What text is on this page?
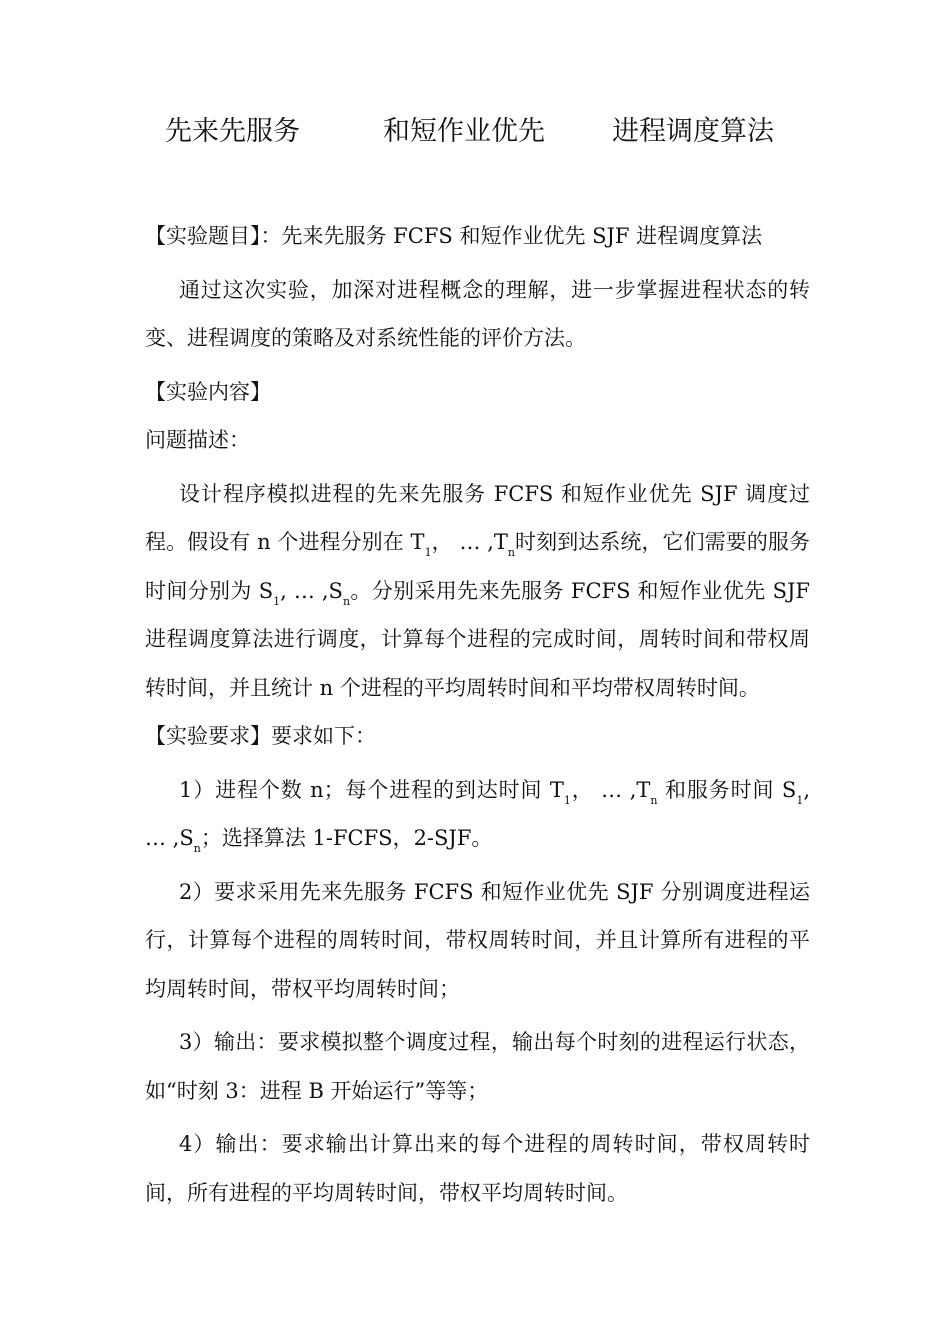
先来先服务	和短作业优先 进程调度算法

【实验题目】：先来先服务 FCFS 和短作业优先 SJF 进程调度算法

通过这次实验，加深对进程概念的理解，进一步掌握进程状态的转变、进程调度的策略及对系统性能的评价方法。

【实验内容】

问题描述：

设计程序模拟进程的先来先服务 FCFS 和短作业优先 SJF 调度过程。假设有 n 个进程分别在 $T_1$， … $,T_n$时刻到达系统，它们需要的服务时间分别为 $S_1$, … $,S_n$。分别采用先来先服务 FCFS 和短作业优先 SJF 进程调度算法进行调度，计算每个进程的完成时间，周转时间和带权周转时间，并且统计 n 个进程的平均周转时间和平均带权周转时间。

【实验要求】要求如下：

1）进程个数 n；每个进程的到达时间 $T_1$， … $,T_n$ 和服务时间 $S_1$, … $,S_n$；选择算法 1-FCFS，2-SJF。

2）要求采用先来先服务 FCFS 和短作业优先 SJF 分别调度进程运行，计算每个进程的周转时间，带权周转时间，并且计算所有进程的平均周转时间，带权平均周转时间；

3）输出：要求模拟整个调度过程，输出每个时刻的进程运行状态，如“时刻 3：进程 B 开始运行”等等；

4）输出：要求输出计算出来的每个进程的周转时间，带权周转时间，所有进程的平均周转时间，带权平均周转时间。
